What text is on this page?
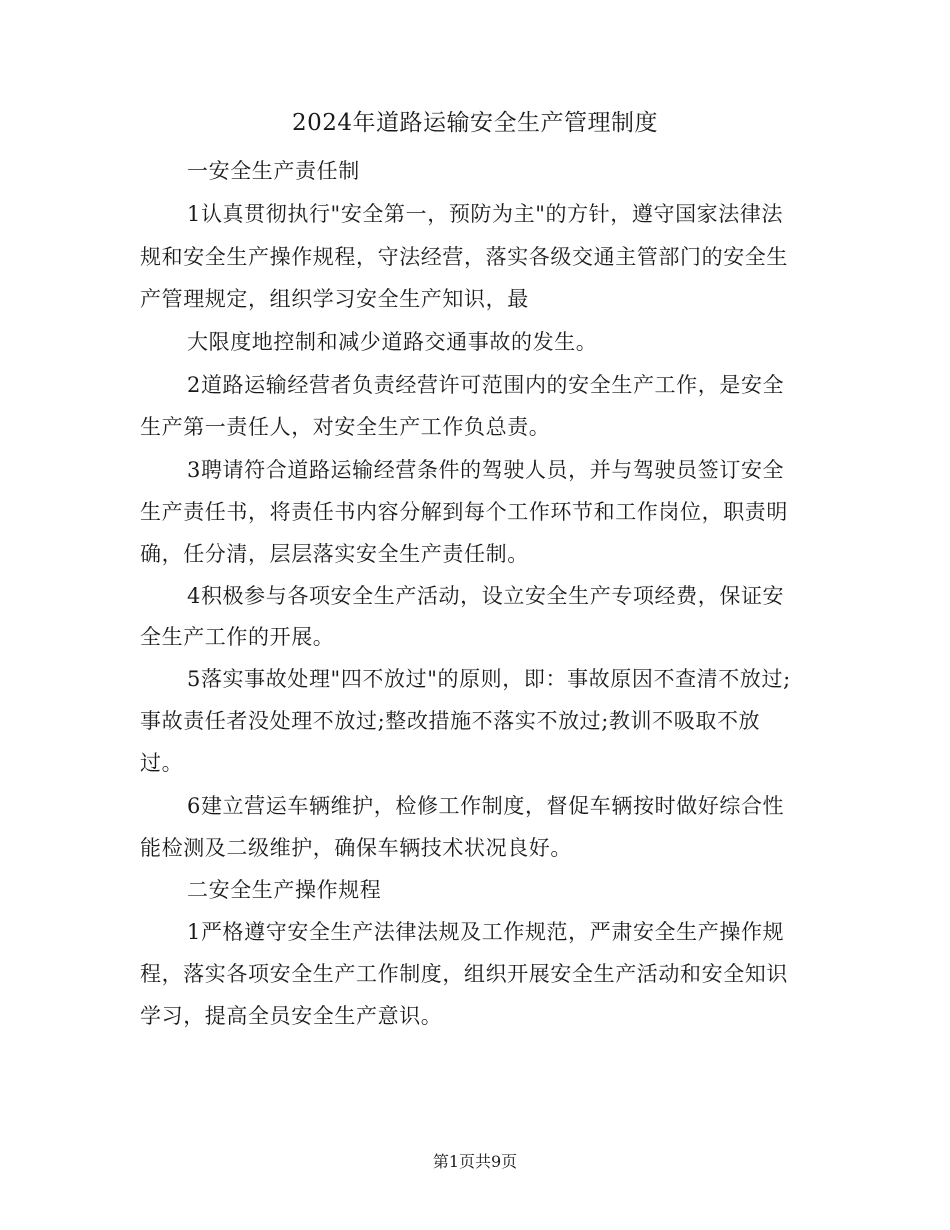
2024年道路运输安全生产管理制度
一安全生产责任制
1认真贯彻执行"安全第一，预防为主"的方针，遵守国家法律法
规和安全生产操作规程，守法经营，落实各级交通主管部门的安全生
产管理规定，组织学习安全生产知识，最
大限度地控制和减少道路交通事故的发生。
2道路运输经营者负责经营许可范围内的安全生产工作，是安全
生产第一责任人，对安全生产工作负总责。
3聘请符合道路运输经营条件的驾驶人员，并与驾驶员签订安全
生产责任书，将责任书内容分解到每个工作环节和工作岗位，职责明
确，任分清，层层落实安全生产责任制。
4积极参与各项安全生产活动，设立安全生产专项经费，保证安
全生产工作的开展。
5落实事故处理"四不放过"的原则，即：事故原因不查清不放过;
事故责任者没处理不放过;整改措施不落实不放过;教训不吸取不放
过。
6建立营运车辆维护，检修工作制度，督促车辆按时做好综合性
能检测及二级维护，确保车辆技术状况良好。
二安全生产操作规程
1严格遵守安全生产法律法规及工作规范，严肃安全生产操作规
程，落实各项安全生产工作制度，组织开展安全生产活动和安全知识
学习，提高全员安全生产意识。
第1页共9页
